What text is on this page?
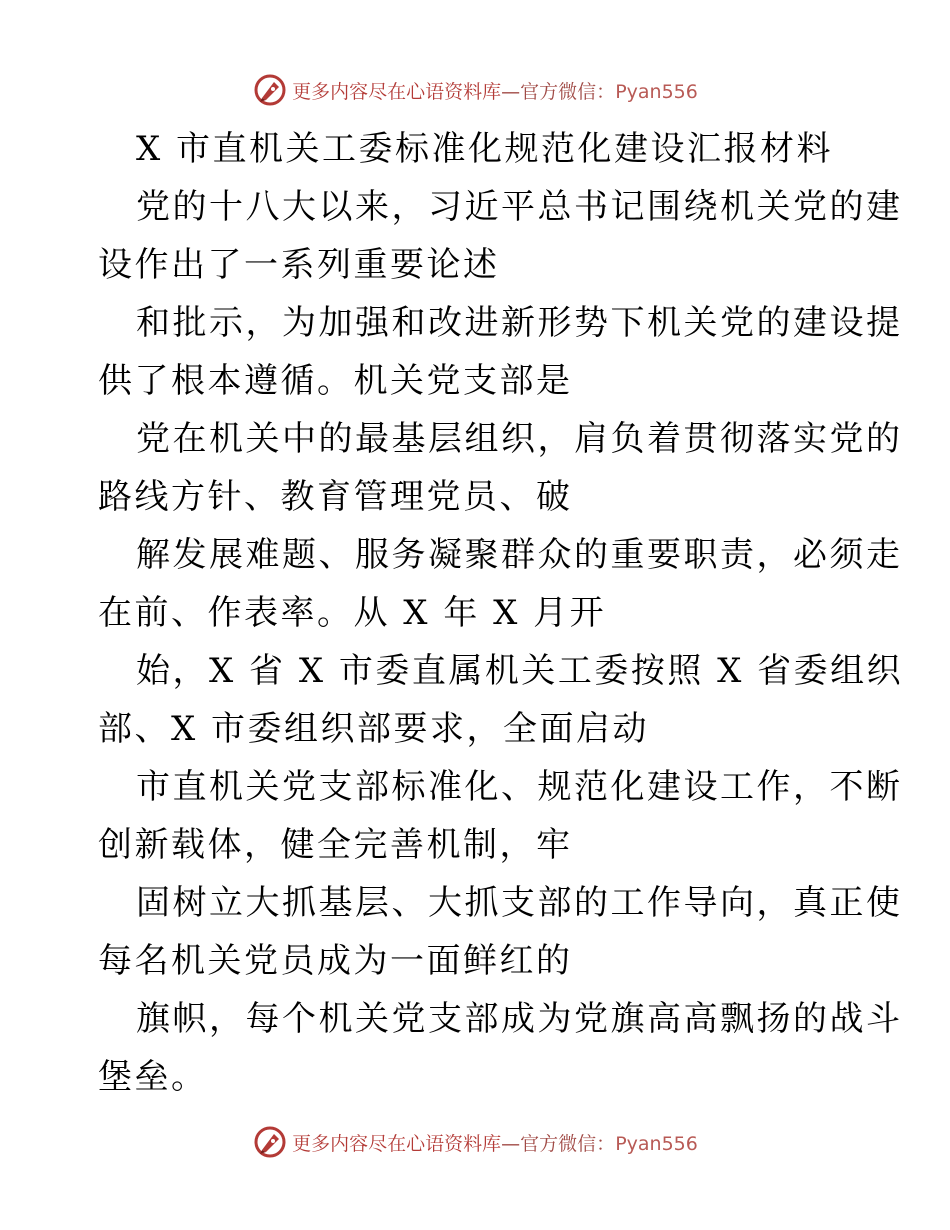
更多内容尽在心语资料库—官方微信：Pyan556
X 市直机关工委标准化规范化建设汇报材料
党的十八大以来，习近平总书记围绕机关党的建
设作出了一系列重要论述
和批示，为加强和改进新形势下机关党的建设提
供了根本遵循。机关党支部是
党在机关中的最基层组织，肩负着贯彻落实党的
路线方针、教育管理党员、破
解发展难题、服务凝聚群众的重要职责，必须走
在前、作表率。从 X 年 X 月开
始，X 省 X 市委直属机关工委按照 X 省委组织
部、X 市委组织部要求，全面启动
市直机关党支部标准化、规范化建设工作，不断
创新载体，健全完善机制，牢
固树立大抓基层、大抓支部的工作导向，真正使
每名机关党员成为一面鲜红的
旗帜，每个机关党支部成为党旗高高飘扬的战斗
堡垒。
更多内容尽在心语资料库—官方微信：Pyan556
